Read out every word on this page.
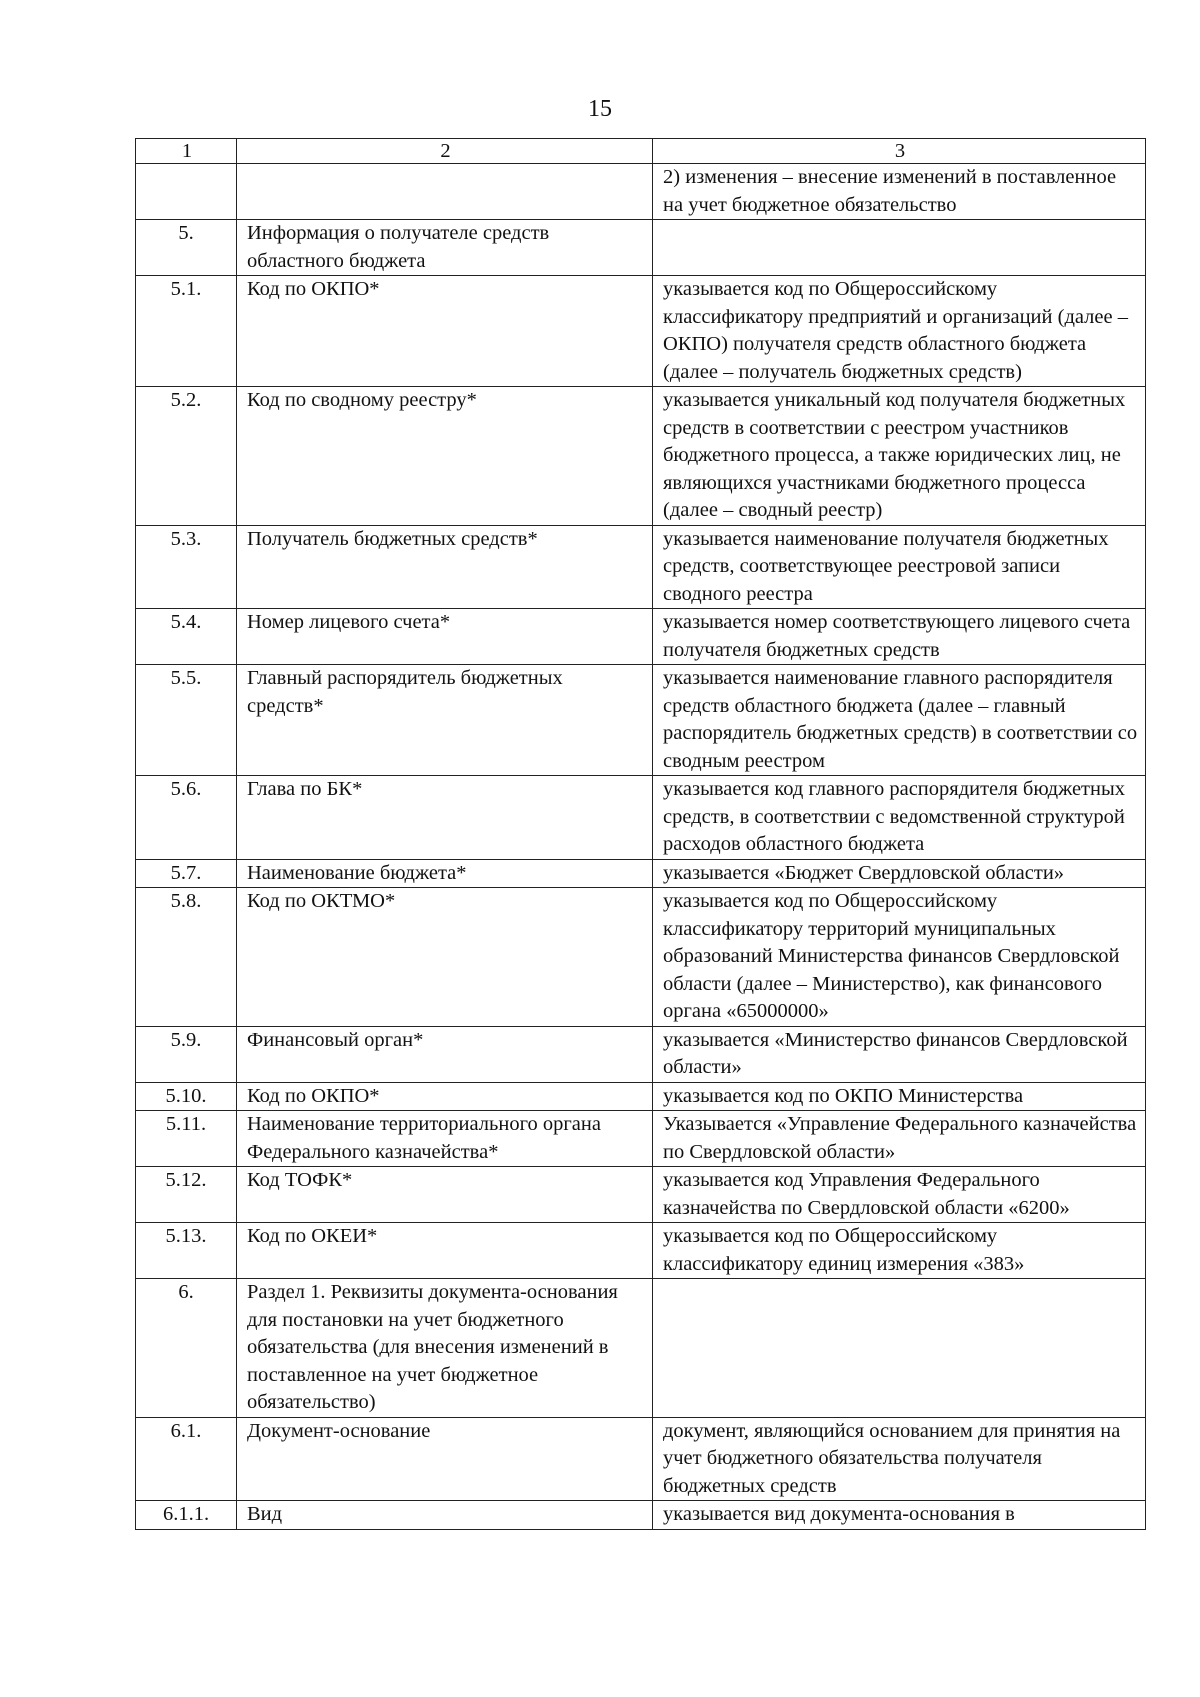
15
1	2	3
		2) изменения – внесение изменений в поставленное на учет бюджетное обязательство
5.	Информация о получателе средств областного бюджета	
5.1.	Код по ОКПО*	указывается код по Общероссийскому классификатору предприятий и организаций (далее – ОКПО) получателя средств областного бюджета (далее – получатель бюджетных средств)
5.2.	Код по сводному реестру*	указывается уникальный код получателя бюджетных средств в соответствии с реестром участников бюджетного процесса, а также юридических лиц, не являющихся участниками бюджетного процесса (далее – сводный реестр)
5.3.	Получатель бюджетных средств*	указывается наименование получателя бюджетных средств, соответствующее реестровой записи сводного реестра
5.4.	Номер лицевого счета*	указывается номер соответствующего лицевого счета получателя бюджетных средств
5.5.	Главный распорядитель бюджетных средств*	указывается наименование главного распорядителя средств областного бюджета (далее – главный распорядитель бюджетных средств) в соответствии со сводным реестром
5.6.	Глава по БК*	указывается код главного распорядителя бюджетных средств, в соответствии с ведомственной структурой расходов областного бюджета
5.7.	Наименование бюджета*	указывается «Бюджет Свердловской области»
5.8.	Код по ОКТМО*	указывается код по Общероссийскому классификатору территорий муниципальных образований Министерства финансов Свердловской области (далее – Министерство), как финансового органа «65000000»
5.9.	Финансовый орган*	указывается «Министерство финансов Свердловской области»
5.10.	Код по ОКПО*	указывается код по ОКПО Министерства
5.11.	Наименование территориального органа Федерального казначейства*	Указывается «Управление Федерального казначейства по Свердловской области»
5.12.	Код ТОФК*	указывается код Управления Федерального казначейства по Свердловской области «6200»
5.13.	Код по ОКЕИ*	указывается код по Общероссийскому классификатору единиц измерения «383»
6.	Раздел 1. Реквизиты документа-основания для постановки на учет бюджетного обязательства (для внесения изменений в поставленное на учет бюджетное обязательство)	
6.1.	Документ-основание	документ, являющийся основанием для принятия на учет бюджетного обязательства получателя бюджетных средств
6.1.1.	Вид	указывается вид документа-основания в
